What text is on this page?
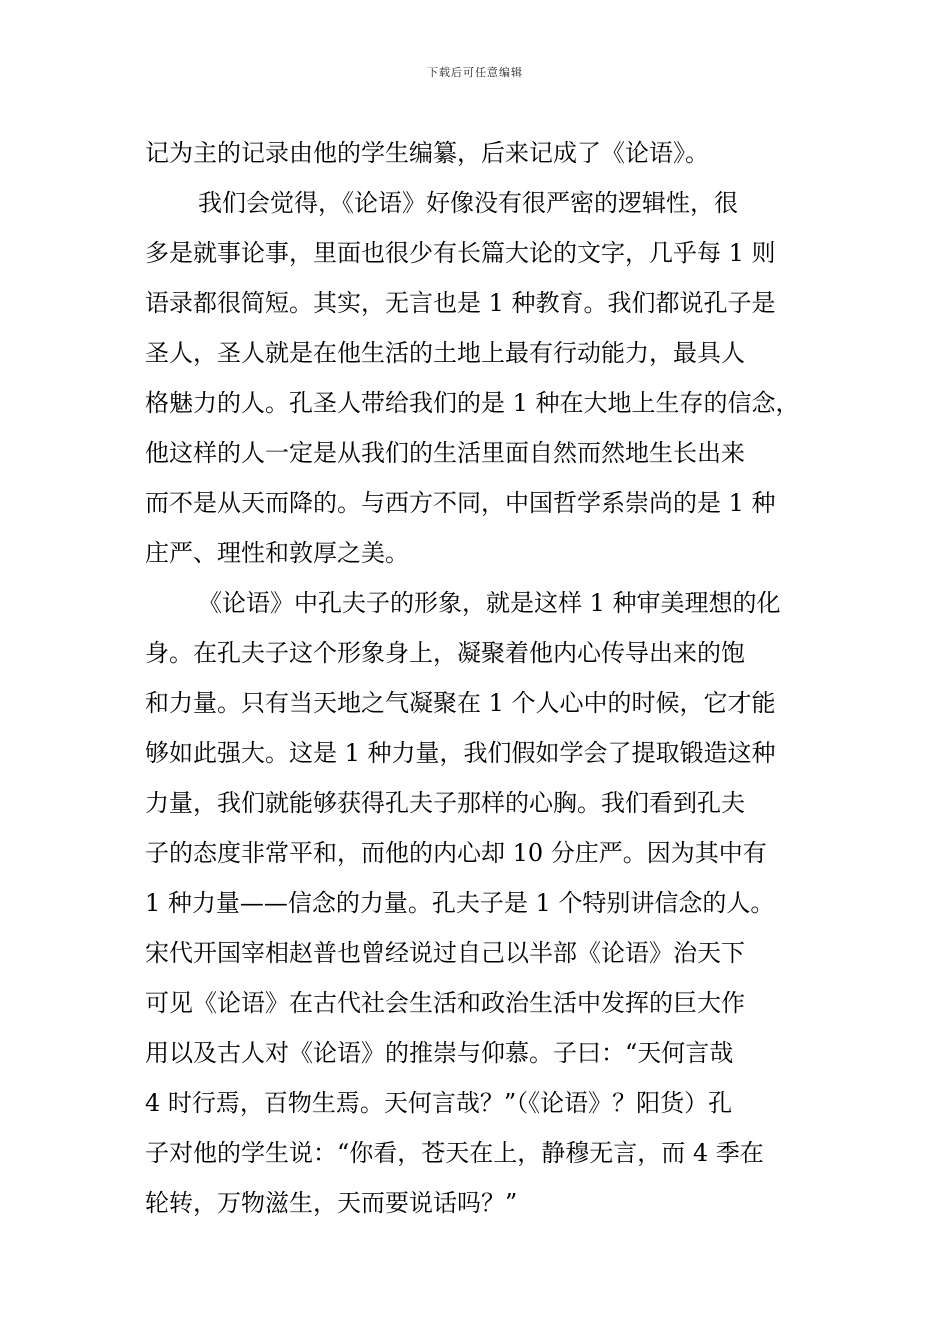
下载后可任意编辑
记为主的记录由他的学生编纂，后来记成了《论语》。
我们会觉得，《论语》好像没有很严密的逻辑性，很
多是就事论事，里面也很少有长篇大论的文字，几乎每 1 则
语录都很简短。其实，无言也是 1 种教育。我们都说孔子是
圣人，圣人就是在他生活的土地上最有行动能力，最具人
格魅力的人。孔圣人带给我们的是 1 种在大地上生存的信念，
他这样的人一定是从我们的生活里面自然而然地生长出来
而不是从天而降的。与西方不同，中国哲学系崇尚的是 1 种
庄严、理性和敦厚之美。
《论语》中孔夫子的形象，就是这样 1 种审美理想的化
身。在孔夫子这个形象身上，凝聚着他内心传导出来的饱
和力量。只有当天地之气凝聚在 1 个人心中的时候，它才能
够如此强大。这是 1 种力量，我们假如学会了提取锻造这种
力量，我们就能够获得孔夫子那样的心胸。我们看到孔夫
子的态度非常平和，而他的内心却 10 分庄严。因为其中有
1 种力量——信念的力量。孔夫子是 1 个特别讲信念的人。
宋代开国宰相赵普也曾经说过自己以半部《论语》治天下
可见《论语》在古代社会生活和政治生活中发挥的巨大作
用以及古人对《论语》的推崇与仰慕。子曰：“天何言哉
4 时行焉，百物生焉。天何言哉？”（《论语》？阳货）孔
子对他的学生说：“你看，苍天在上，静穆无言，而 4 季在
轮转，万物滋生，天而要说话吗？”
